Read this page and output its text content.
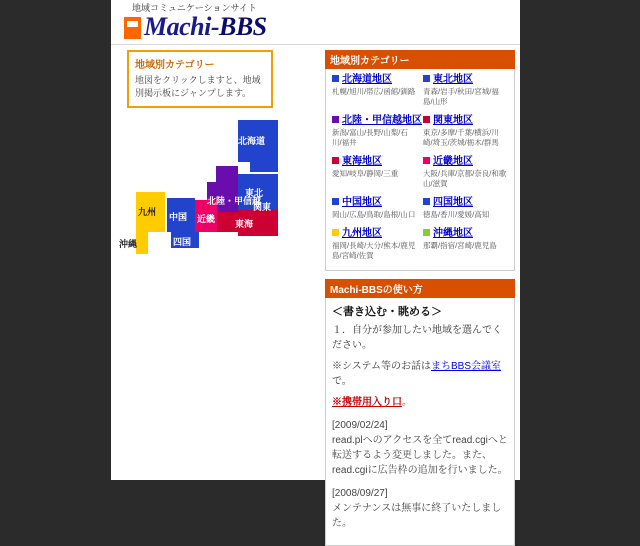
地域コミュニケーションサイト
Machi-BBS
地域別カテゴリー
地図をクリックしますと、地域別掲示板にジャンプします。
九州
沖縄
中国
四国
近畿
北陸・甲信越
東海
関東
東北
北海道
地域別カテゴリー
北海道地区
札幌/旭川/帯広/函館/釧路
東北地区
青森/岩手/秋田/宮城/福島/山形
北陸・甲信越地区
新潟/富山/長野/山梨/石川/福井
関東地区
東京/多摩/千葉/横浜/川崎/埼玉/茨城/栃木/群馬
東海地区
愛知/岐阜/静岡/三重
近畿地区
大阪/兵庫/京都/奈良/和歌山/滋賀
中国地区
岡山/広島/鳥取/島根/山口
四国地区
徳島/香川/愛媛/高知
九州地区
福岡/長崎/大分/熊本/鹿児島/宮崎/佐賀
沖縄地区
那覇/指宿/宮崎/鹿児島
Machi-BBSの使い方
＜書き込む・眺める＞
１．自分が参加したい地域を選んでください。
※システム等のお話はまちBBS会議室で。
※携帯用入り口。
[2009/02/24]
read.plへのアクセスを全てread.cgiへと転送するよう変更しました。また、read.cgiに広告枠の追加を行いました。
[2008/09/27]
メンテナンスは無事に終了いたしました。
